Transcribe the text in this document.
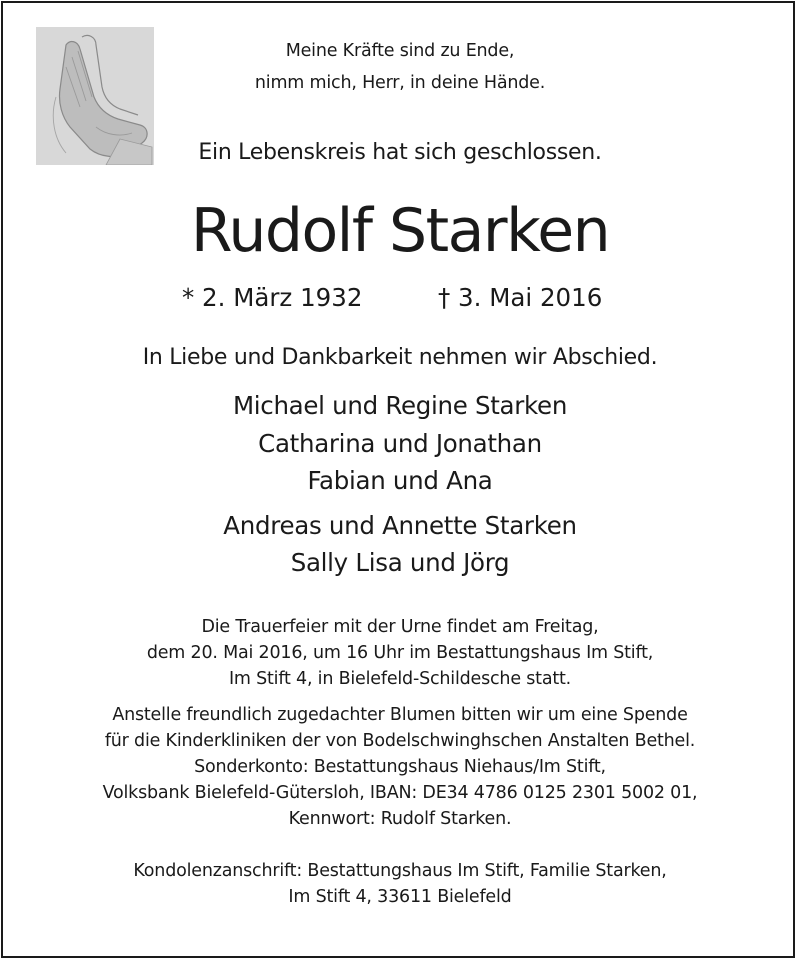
Meine Kräfte sind zu Ende,
nimm mich, Herr, in deine Hände.
Ein Lebenskreis hat sich geschlossen.
Rudolf Starken
* 2. März 1932	† 3. Mai 2016
In Liebe und Dankbarkeit nehmen wir Abschied.
Michael und Regine Starken
Catharina und Jonathan
Fabian und Ana
Andreas und Annette Starken
Sally Lisa und Jörg
Die Trauerfeier mit der Urne findet am Freitag,
dem 20. Mai 2016, um 16 Uhr im Bestattungshaus Im Stift,
Im Stift 4, in Bielefeld-Schildesche statt.
Anstelle freundlich zugedachter Blumen bitten wir um eine Spende
für die Kinderkliniken der von Bodelschwinghschen Anstalten Bethel.
Sonderkonto: Bestattungshaus Niehaus/Im Stift,
Volksbank Bielefeld-Gütersloh, IBAN: DE34 4786 0125 2301 5002 01,
Kennwort: Rudolf Starken.
Kondolenzanschrift: Bestattungshaus Im Stift, Familie Starken,
Im Stift 4, 33611 Bielefeld
